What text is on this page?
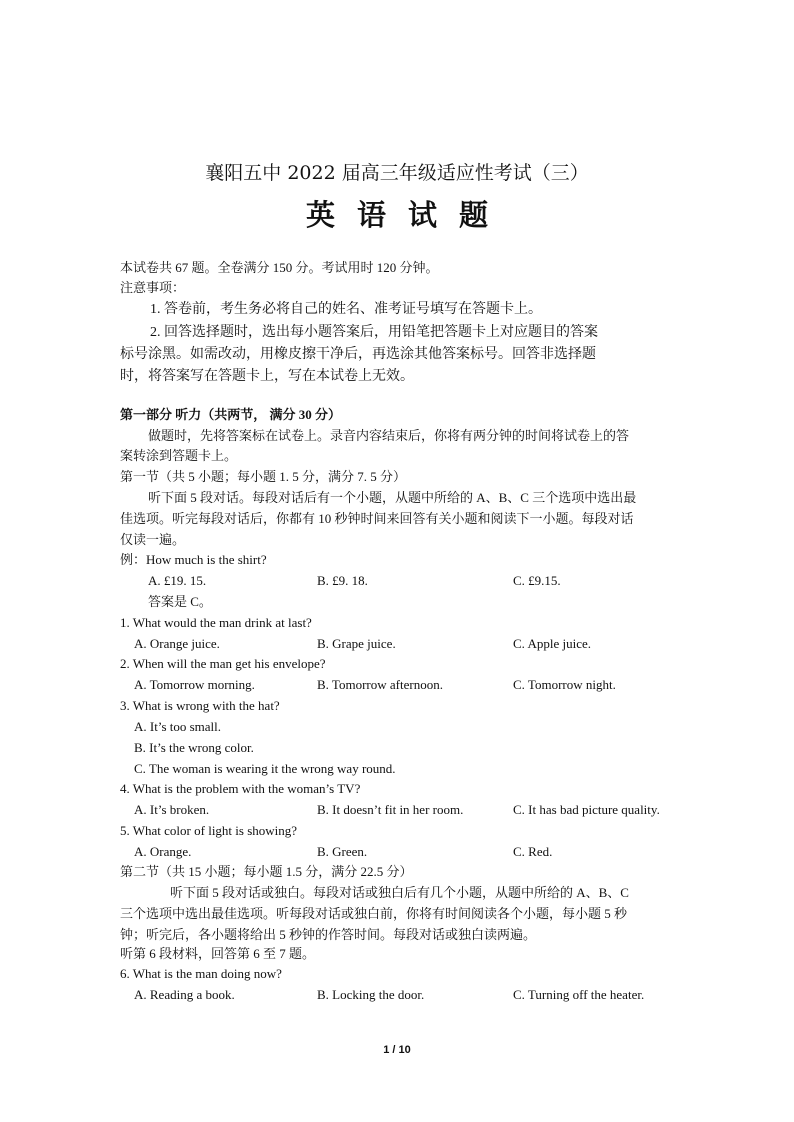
襄阳五中 2022 届高三年级适应性考试（三）
英语试题
本试卷共 67 题。全卷满分 150 分。考试用时 120 分钟。
注意事项：
1. 答卷前，考生务必将自己的姓名、准考证号填写在答题卡上。
2. 回答选择题时，选出每小题答案后，用铅笔把答题卡上对应题目的答案
标号涂黑。如需改动，用橡皮擦干净后，再选涂其他答案标号。回答非选择题
时，将答案写在答题卡上，写在本试卷上无效。
第一部分 听力（共两节， 满分 30 分）
做题时，先将答案标在试卷上。录音内容结束后，你将有两分钟的时间将试卷上的答
案转涂到答题卡上。
第一节（共 5 小题；每小题 1. 5 分，满分 7. 5 分）
听下面 5 段对话。每段对话后有一个小题，从题中所给的 A、B、C 三个选项中选出最
佳选项。听完每段对话后，你都有 10 秒钟时间来回答有关小题和阅读下一小题。每段对话
仅读一遍。
例：How much is the shirt?
A. £19. 15.	B. £9. 18.	C. £9.15.
答案是 C。
1. What would the man drink at last?
A. Orange juice.	B. Grape juice.	C. Apple juice.
2. When will the man get his envelope?
A. Tomorrow morning.	B. Tomorrow afternoon.	C. Tomorrow night.
3. What is wrong with the hat?
A. It’s too small.
B. It’s the wrong color.
C. The woman is wearing it the wrong way round.
4. What is the problem with the woman’s TV?
A. It’s broken.	B. It doesn’t fit in her room.	C. It has bad picture quality.
5. What color of light is showing?
A. Orange.	B. Green.	C. Red.
第二节（共 15 小题；每小题 1.5 分，满分 22.5 分）
听下面 5 段对话或独白。每段对话或独白后有几个小题，从题中所给的 A、B、C
三个选项中选出最佳选项。听每段对话或独白前，你将有时间阅读各个小题，每小题 5 秒
钟；听完后，各小题将给出 5 秒钟的作答时间。每段对话或独白读两遍。
听第 6 段材料，回答第 6 至 7 题。
6. What is the man doing now?
A. Reading a book.	B. Locking the door.	C. Turning off the heater.
1 / 10
